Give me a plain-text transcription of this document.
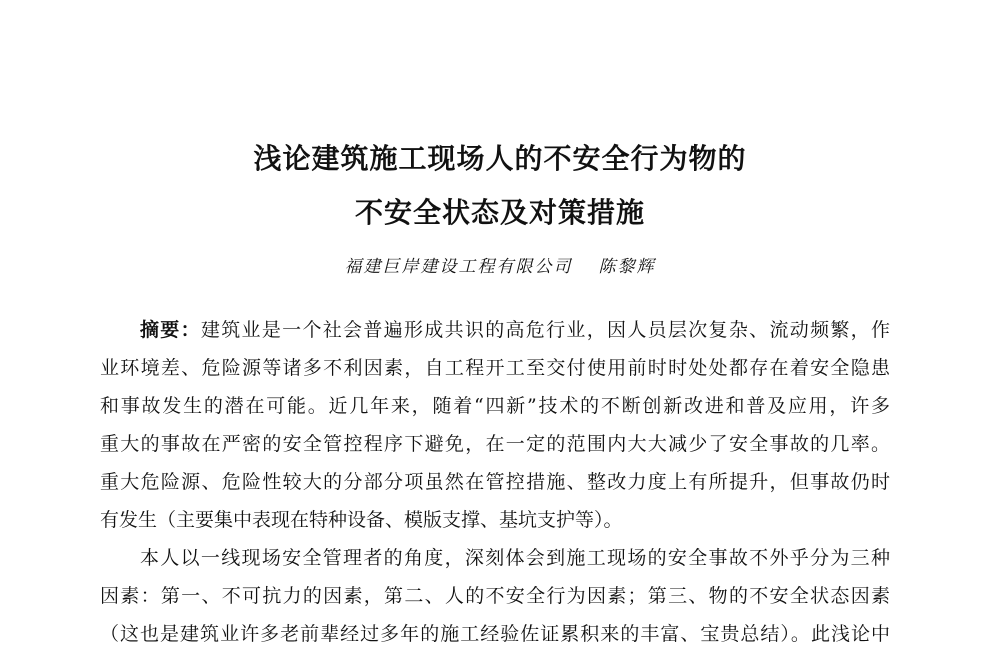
浅论建筑施工现场人的不安全行为物的
不安全状态及对策措施
福建巨岸建设工程有限公司 陈黎辉
摘要：建筑业是一个社会普遍形成共识的高危行业，因人员层次复杂、流动频繁，作
业环境差、危险源等诸多不利因素，自工程开工至交付使用前时时处处都存在着安全隐患
和事故发生的潜在可能。近几年来，随着“四新”技术的不断创新改进和普及应用，许多
重大的事故在严密的安全管控程序下避免，在一定的范围内大大减少了安全事故的几率。
重大危险源、危险性较大的分部分项虽然在管控措施、整改力度上有所提升，但事故仍时
有发生（主要集中表现在特种设备、模版支撑、基坑支护等）。
本人以一线现场安全管理者的角度，深刻体会到施工现场的安全事故不外乎分为三种
因素：第一、不可抗力的因素，第二、人的不安全行为因素；第三、物的不安全状态因素
（这也是建筑业许多老前辈经过多年的施工经验佐证累积来的丰富、宝贵总结）。此浅论中
